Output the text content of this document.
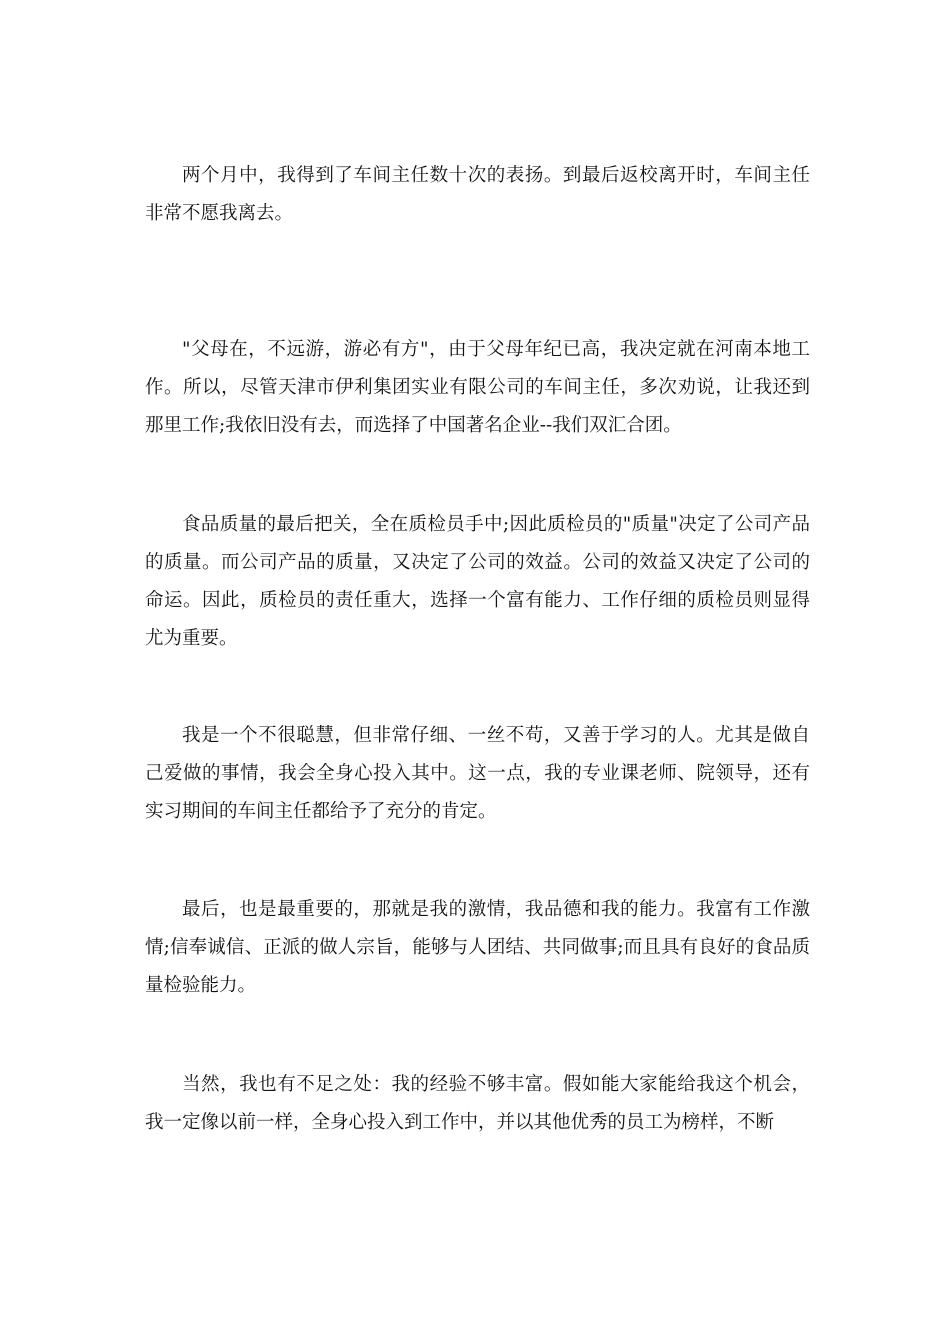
两个月中，我得到了车间主任数十次的表扬。到最后返校离开时，车间主任非常不愿我离去。

"父母在，不远游，游必有方"，由于父母年纪已高，我决定就在河南本地工作。所以，尽管天津市伊利集团实业有限公司的车间主任，多次劝说，让我还到那里工作;我依旧没有去，而选择了中国著名企业--我们双汇合团。

食品质量的最后把关，全在质检员手中;因此质检员的"质量"决定了公司产品的质量。而公司产品的质量，又决定了公司的效益。公司的效益又决定了公司的命运。因此，质检员的责任重大，选择一个富有能力、工作仔细的质检员则显得尤为重要。

我是一个不很聪慧，但非常仔细、一丝不苟，又善于学习的人。尤其是做自己爱做的事情，我会全身心投入其中。这一点，我的专业课老师、院领导，还有实习期间的车间主任都给予了充分的肯定。

最后，也是最重要的，那就是我的激情，我品德和我的能力。我富有工作激情;信奉诚信、正派的做人宗旨，能够与人团结、共同做事;而且具有良好的食品质量检验能力。

当然，我也有不足之处：我的经验不够丰富。假如能大家能给我这个机会，我一定像以前一样，全身心投入到工作中，并以其他优秀的员工为榜样，不断
